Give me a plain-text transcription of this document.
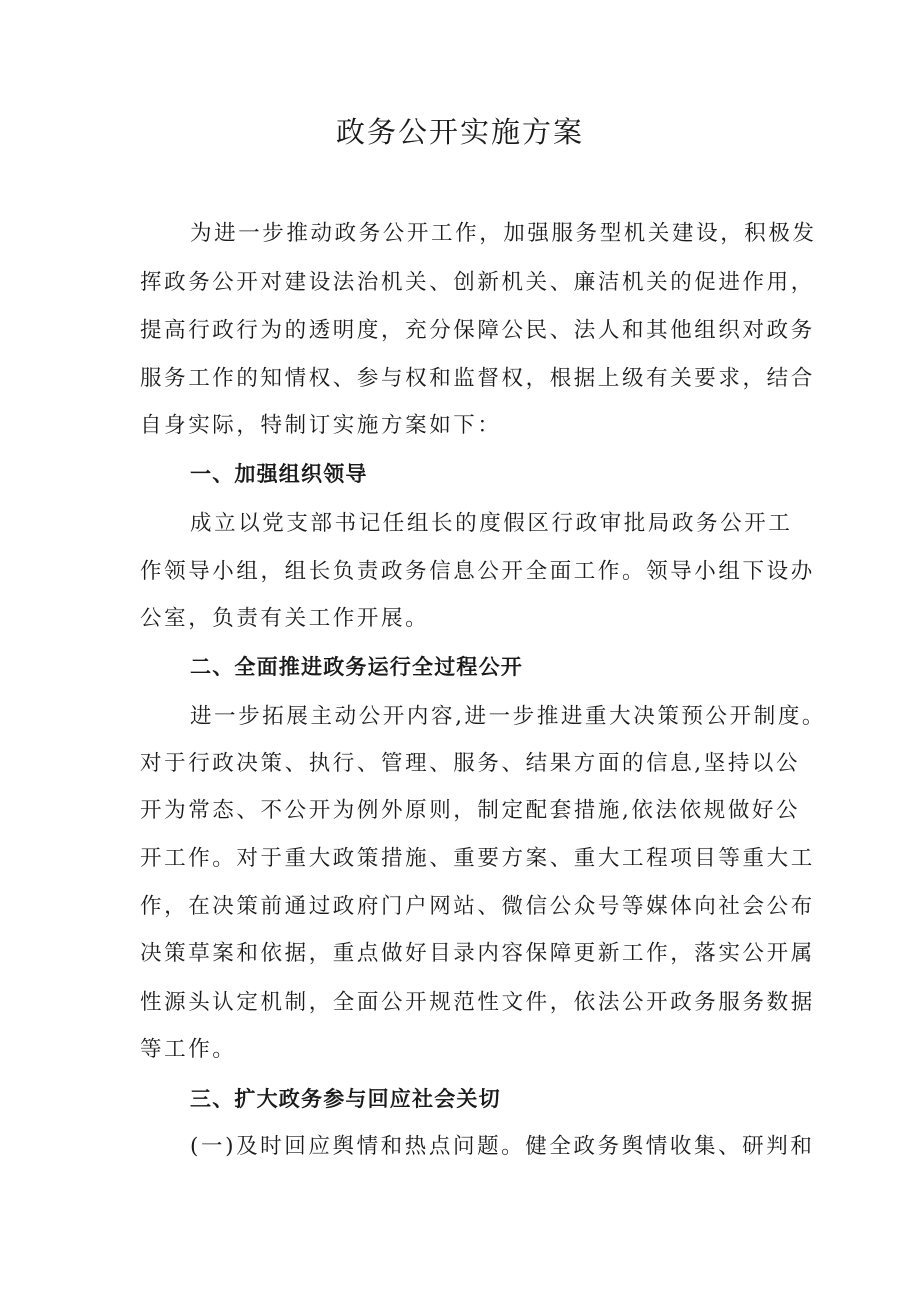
政务公开实施方案

为进一步推动政务公开工作，加强服务型机关建设，积极发

挥政务公开对建设法治机关、创新机关、廉洁机关的促进作用，

提高行政行为的透明度，充分保障公民、法人和其他组织对政务

服务工作的知情权、参与权和监督权，根据上级有关要求，结合

自身实际，特制订实施方案如下：

一、加强组织领导

成立以党支部书记任组长的度假区行政审批局政务公开工

作领导小组，组长负责政务信息公开全面工作。领导小组下设办

公室，负责有关工作开展。

二、全面推进政务运行全过程公开

进一步拓展主动公开内容,进一步推进重大决策预公开制度。

对于行政决策、执行、管理、服务、结果方面的信息,坚持以公

开为常态、不公开为例外原则，制定配套措施,依法依规做好公

开工作。对于重大政策措施、重要方案、重大工程项目等重大工

作，在决策前通过政府门户网站、微信公众号等媒体向社会公布

决策草案和依据，重点做好目录内容保障更新工作，落实公开属

性源头认定机制，全面公开规范性文件，依法公开政务服务数据

等工作。

三、扩大政务参与回应社会关切

(一)及时回应舆情和热点问题。健全政务舆情收集、研判和
